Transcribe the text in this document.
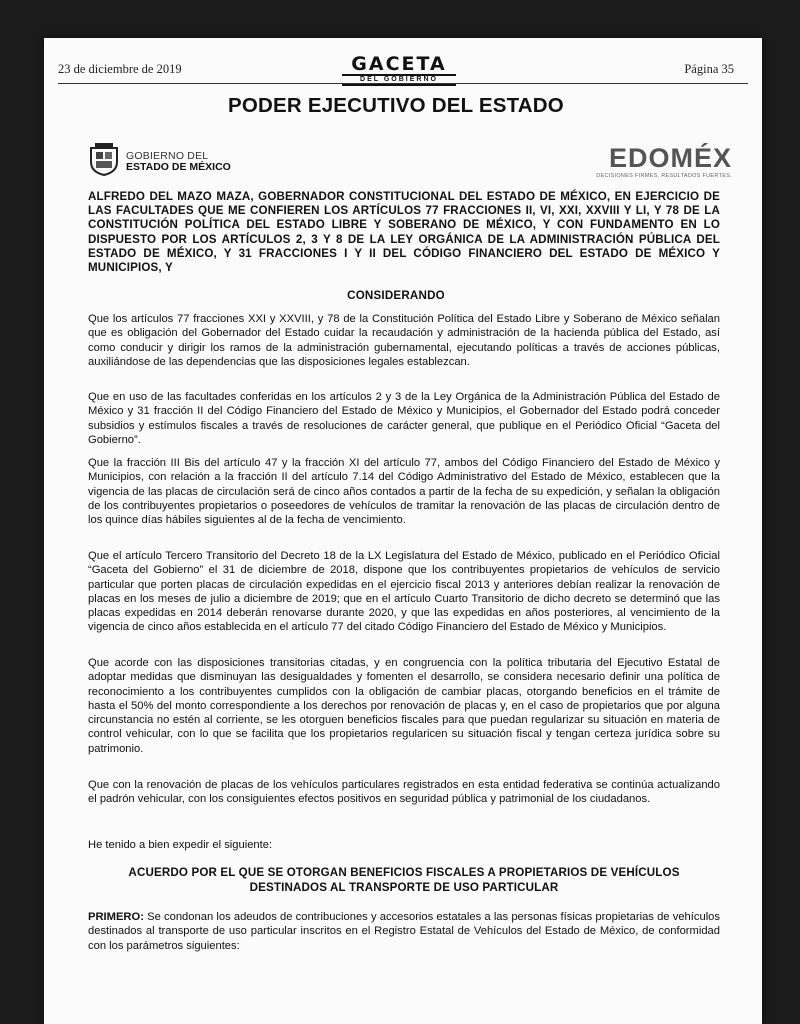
23 de diciembre de 2019	GACETA
DEL GOBIERNO
Página 35
PODER EJECUTIVO DEL ESTADO
GOBIERNO DEL
ESTADO DE MÉXICO	EDOMÉX
DECISIONES FIRMES, RESULTADOS FUERTES.

ALFREDO DEL MAZO MAZA, GOBERNADOR CONSTITUCIONAL DEL ESTADO DE MÉXICO, EN EJERCICIO DE LAS FACULTADES QUE ME CONFIEREN LOS ARTÍCULOS 77 FRACCIONES II, VI, XXI, XXVIII Y LI, Y 78 DE LA CONSTITUCIÓN POLÍTICA DEL ESTADO LIBRE Y SOBERANO DE MÉXICO, Y CON FUNDAMENTO EN LO DISPUESTO POR LOS ARTÍCULOS 2, 3 Y 8 DE LA LEY ORGÁNICA DE LA ADMINISTRACIÓN PÚBLICA DEL ESTADO DE MÉXICO, Y 31 FRACCIONES I Y II DEL CÓDIGO FINANCIERO DEL ESTADO DE MÉXICO Y MUNICIPIOS, Y

CONSIDERANDO

Que los artículos 77 fracciones XXI y XXVIII, y 78 de la Constitución Política del Estado Libre y Soberano de México señalan que es obligación del Gobernador del Estado cuidar la recaudación y administración de la hacienda pública del Estado, así como conducir y dirigir los ramos de la administración gubernamental, ejecutando políticas a través de acciones públicas, auxiliándose de las dependencias que las disposiciones legales establezcan.

Que en uso de las facultades conferidas en los artículos 2 y 3 de la Ley Orgánica de la Administración Pública del Estado de México y 31 fracción II del Código Financiero del Estado de México y Municipios, el Gobernador del Estado podrá conceder subsidios y estímulos fiscales a través de resoluciones de carácter general, que publique en el Periódico Oficial “Gaceta del Gobierno”.

Que la fracción III Bis del artículo 47 y la fracción XI del artículo 77, ambos del Código Financiero del Estado de México y Municipios, con relación a la fracción II del artículo 7.14 del Código Administrativo del Estado de México, establecen que la vigencia de las placas de circulación será de cinco años contados a partir de la fecha de su expedición, y señalan la obligación de los contribuyentes propietarios o poseedores de vehículos de tramitar la renovación de las placas de circulación dentro de los quince días hábiles siguientes al de la fecha de vencimiento.

Que el artículo Tercero Transitorio del Decreto 18 de la LX Legislatura del Estado de México, publicado en el Periódico Oficial “Gaceta del Gobierno” el 31 de diciembre de 2018, dispone que los contribuyentes propietarios de vehículos de servicio particular que porten placas de circulación expedidas en el ejercicio fiscal 2013 y anteriores debían realizar la renovación de placas en los meses de julio a diciembre de 2019; que en el artículo Cuarto Transitorio de dicho decreto se determinó que las placas expedidas en 2014 deberán renovarse durante 2020, y que las expedidas en años posteriores, al vencimiento de la vigencia de cinco años establecida en el artículo 77 del citado Código Financiero del Estado de México y Municipios.

Que acorde con las disposiciones transitorias citadas, y en congruencia con la política tributaria del Ejecutivo Estatal de adoptar medidas que disminuyan las desigualdades y fomenten el desarrollo, se considera necesario definir una política de reconocimiento a los contribuyentes cumplidos con la obligación de cambiar placas, otorgando beneficios en el trámite de hasta el 50% del monto correspondiente a los derechos por renovación de placas y, en el caso de propietarios que por alguna circunstancia no estén al corriente, se les otorguen beneficios fiscales para que puedan regularizar su situación en materia de control vehicular, con lo que se facilita que los propietarios regularicen su situación fiscal y tengan certeza jurídica sobre su patrimonio.

Que con la renovación de placas de los vehículos particulares registrados en esta entidad federativa se continúa actualizando el padrón vehicular, con los consiguientes efectos positivos en seguridad pública y patrimonial de los ciudadanos.

He tenido a bien expedir el siguiente:

ACUERDO POR EL QUE SE OTORGAN BENEFICIOS FISCALES A PROPIETARIOS DE VEHÍCULOS DESTINADOS AL TRANSPORTE DE USO PARTICULAR

PRIMERO: Se condonan los adeudos de contribuciones y accesorios estatales a las personas físicas propietarias de vehículos destinados al transporte de uso particular inscritos en el Registro Estatal de Vehículos del Estado de México, de conformidad con los parámetros siguientes:
